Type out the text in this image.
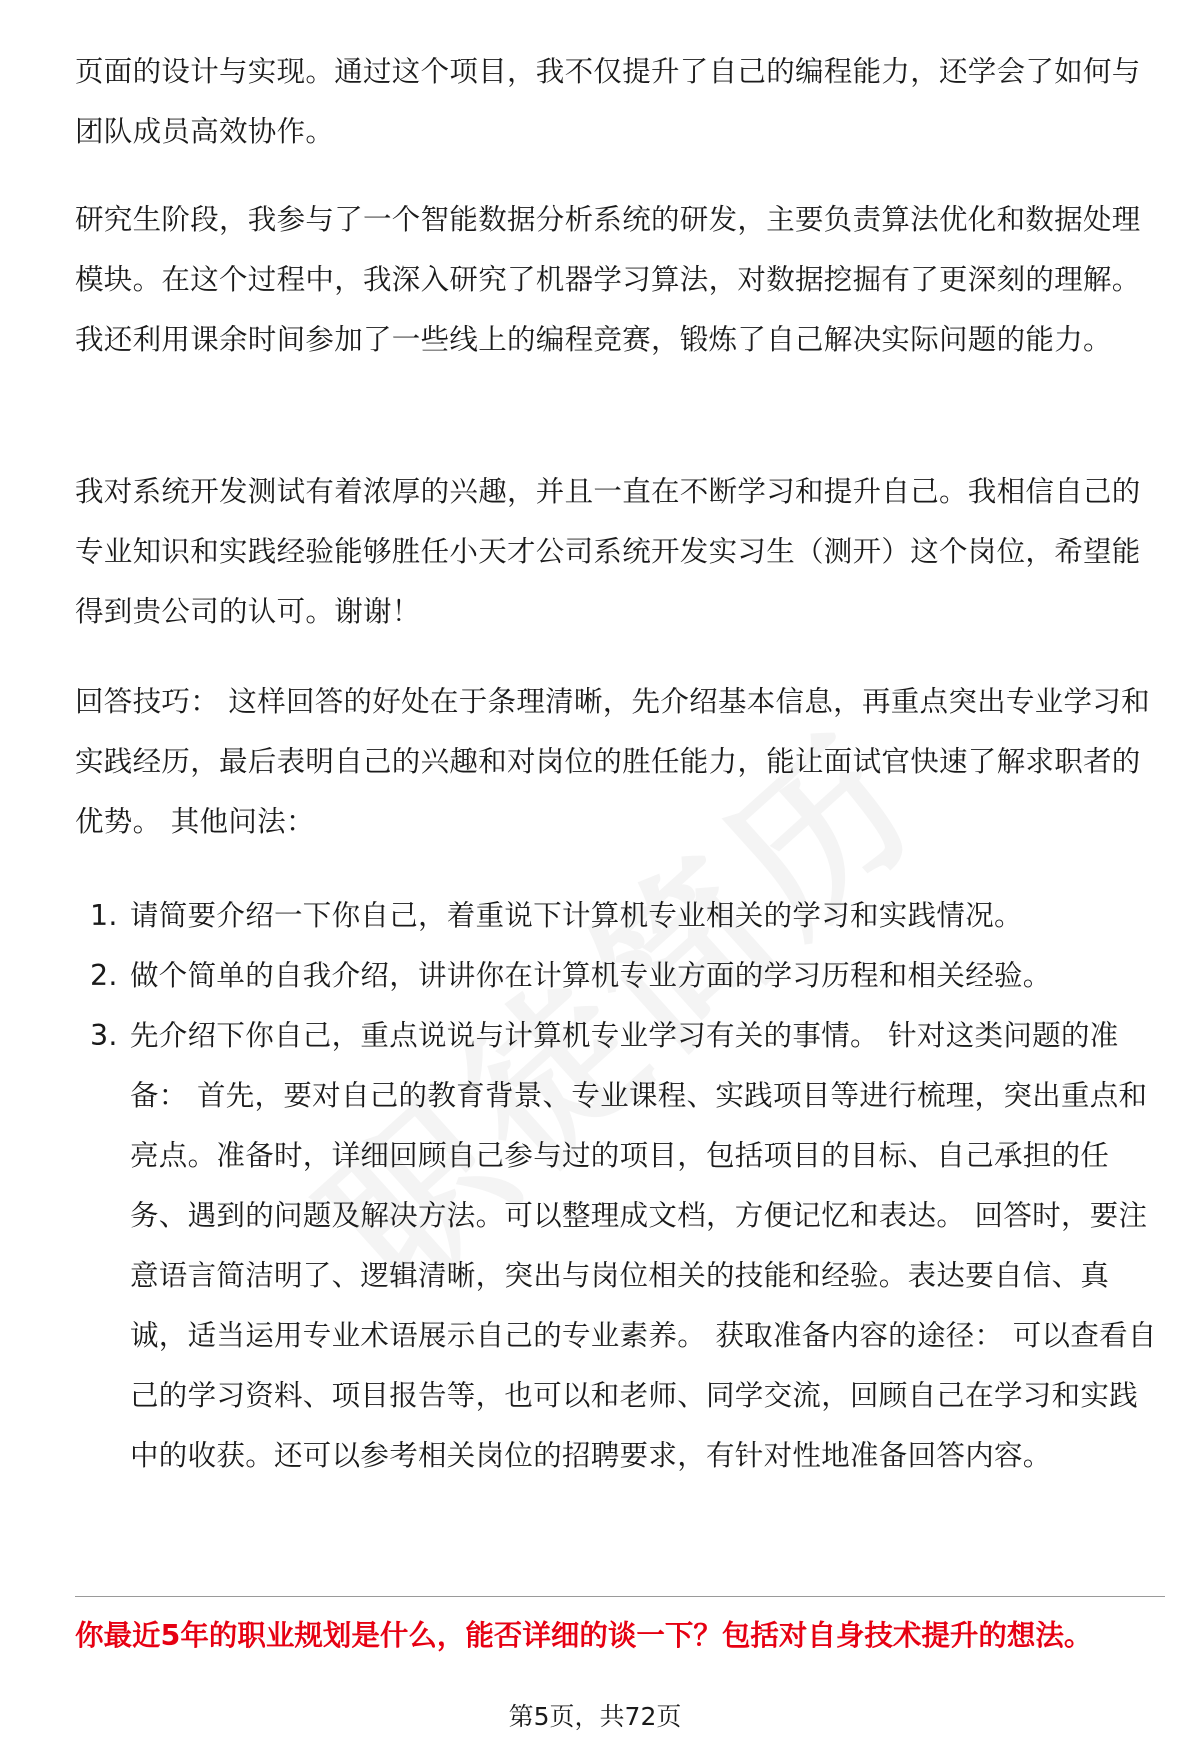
页面的设计与实现。通过这个项目，我不仅提升了自己的编程能力，还学会了如何与团队成员高效协作。

研究生阶段，我参与了一个智能数据分析系统的研发，主要负责算法优化和数据处理模块。在这个过程中，我深入研究了机器学习算法，对数据挖掘有了更深刻的理解。我还利用课余时间参加了一些线上的编程竞赛，锻炼了自己解决实际问题的能力。

我对系统开发测试有着浓厚的兴趣，并且一直在不断学习和提升自己。我相信自己的专业知识和实践经验能够胜任小天才公司系统开发实习生（测开）这个岗位，希望能得到贵公司的认可。谢谢！

回答技巧： 这样回答的好处在于条理清晰，先介绍基本信息，再重点突出专业学习和实践经历，最后表明自己的兴趣和对岗位的胜任能力，能让面试官快速了解求职者的优势。 其他问法：

1. 请简要介绍一下你自己，着重说下计算机专业相关的学习和实践情况。
2. 做个简单的自我介绍，讲讲你在计算机专业方面的学习历程和相关经验。
3. 先介绍下你自己，重点说说与计算机专业学习有关的事情。 针对这类问题的准备： 首先，要对自己的教育背景、专业课程、实践项目等进行梳理，突出重点和亮点。准备时，详细回顾自己参与过的项目，包括项目的目标、自己承担的任务、遇到的问题及解决方法。可以整理成文档，方便记忆和表达。 回答时，要注意语言简洁明了、逻辑清晰，突出与岗位相关的技能和经验。表达要自信、真诚，适当运用专业术语展示自己的专业素养。 获取准备内容的途径： 可以查看自己的学习资料、项目报告等，也可以和老师、同学交流，回顾自己在学习和实践中的收获。还可以参考相关岗位的招聘要求，有针对性地准备回答内容。

你最近5年的职业规划是什么，能否详细的谈一下？包括对自身技术提升的想法。

第5页，共72页
